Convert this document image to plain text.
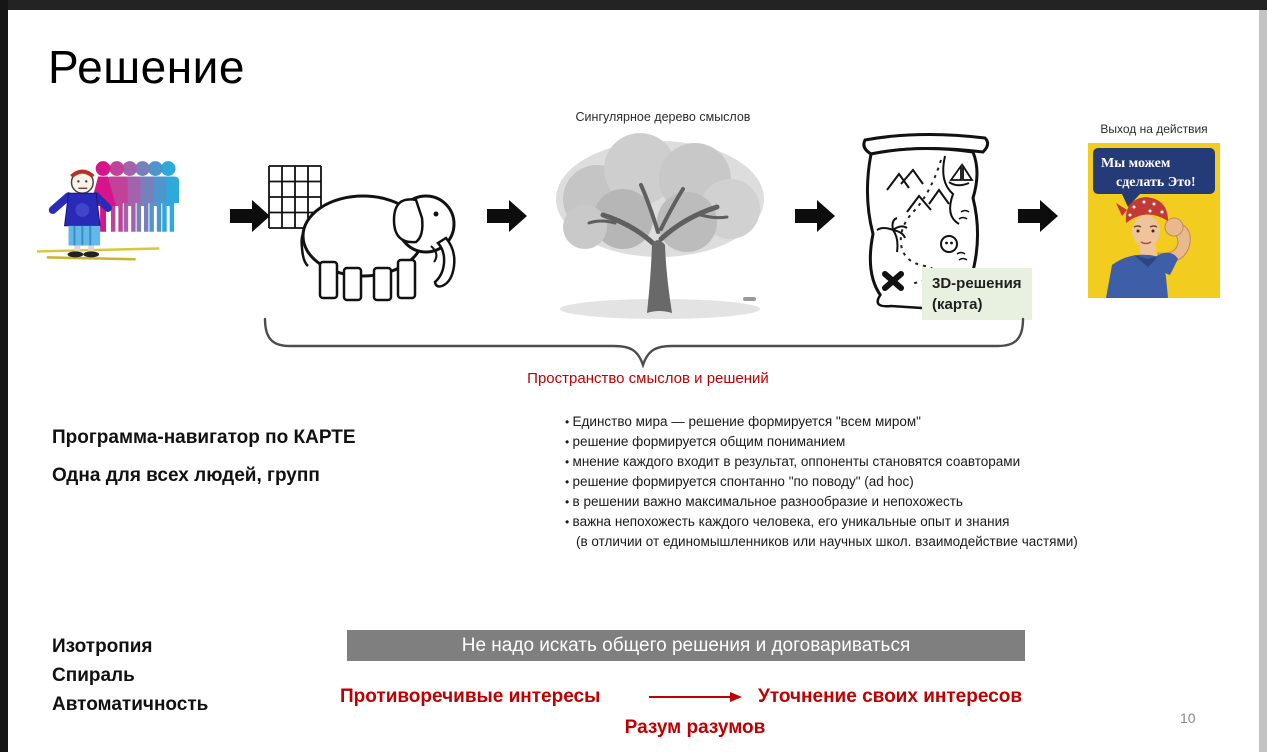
Решение
Сингулярное дерево смыслов
Выход на действия
Мы можем
сделать Это!
3D-решения
(карта)
Пространство смыслов и решений
Программа-навигатор по КАРТЕ
Одна для всех людей, групп
• Единство мира — решение формируется "всем миром"
• решение формируется общим пониманием
• мнение каждого входит в результат, оппоненты становятся соавторами
• решение формируется спонтанно "по поводу" (ad hoc)
• в решении важно максимальное разнообразие и непохожесть
• важна непохожесть каждого человека, его уникальные опыт и знания
(в отличии от единомышленников или научных школ. взаимодействие частями)
Изотропия
Спираль
Автоматичность
Не надо искать общего решения и договариваться
Противоречивые интересы	Уточнение своих интересов
Разум разумов	10
